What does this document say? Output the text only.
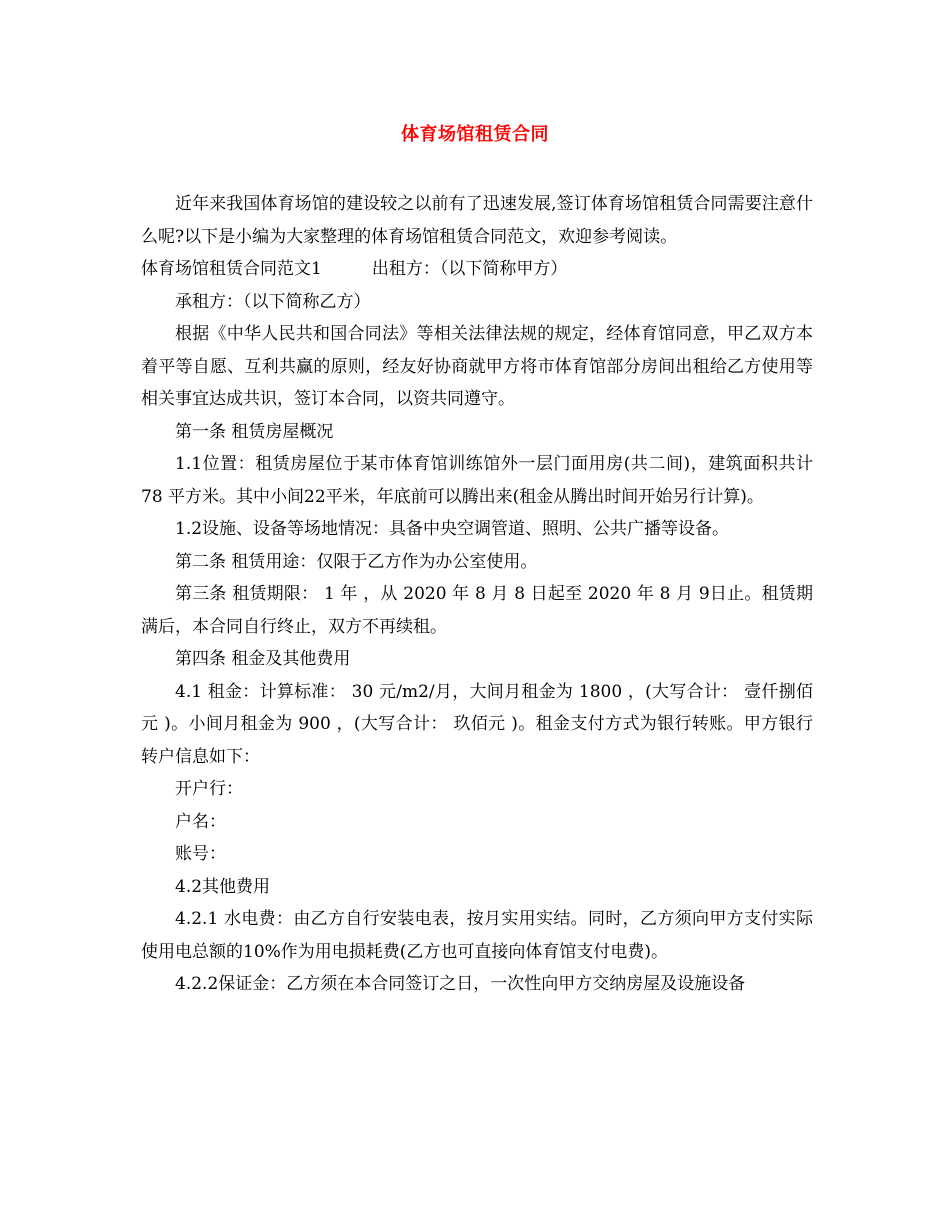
体育场馆租赁合同

近年来我国体育场馆的建设较之以前有了迅速发展,签订体育场馆租赁合同需要注意什么呢?以下是小编为大家整理的体育场馆租赁合同范文，欢迎参考阅读。

体育场馆租赁合同范文1	出租方：（以下简称甲方）

承租方：（以下简称乙方）

根据《中华人民共和国合同法》等相关法律法规的规定，经体育馆同意，甲乙双方本着平等自愿、互利共赢的原则，经友好协商就甲方将市体育馆部分房间出租给乙方使用等相关事宜达成共识，签订本合同，以资共同遵守。

第一条 租赁房屋概况

1.1位置：租赁房屋位于某市体育馆训练馆外一层门面用房(共二间)，建筑面积共计 78 平方米。其中小间22平米，年底前可以腾出来(租金从腾出时间开始另行计算)。

1.2设施、设备等场地情况：具备中央空调管道、照明、公共广播等设备。

第二条 租赁用途：仅限于乙方作为办公室使用。

第三条 租赁期限： 1 年 ，从 2020 年 8 月 8 日起至 2020 年 8 月 9日止。租赁期满后，本合同自行终止，双方不再续租。

第四条 租金及其他费用

4.1 租金：计算标准： 30 元/m2/月，大间月租金为 1800 ，(大写合计： 壹仟捌佰元 )。小间月租金为 900 ，(大写合计： 玖佰元 )。租金支付方式为银行转账。甲方银行转户信息如下：

开户行：

户名：

账号：

4.2其他费用

4.2.1 水电费：由乙方自行安装电表，按月实用实结。同时，乙方须向甲方支付实际使用电总额的10%作为用电损耗费(乙方也可直接向体育馆支付电费)。

4.2.2保证金：乙方须在本合同签订之日，一次性向甲方交纳房屋及设施设备
